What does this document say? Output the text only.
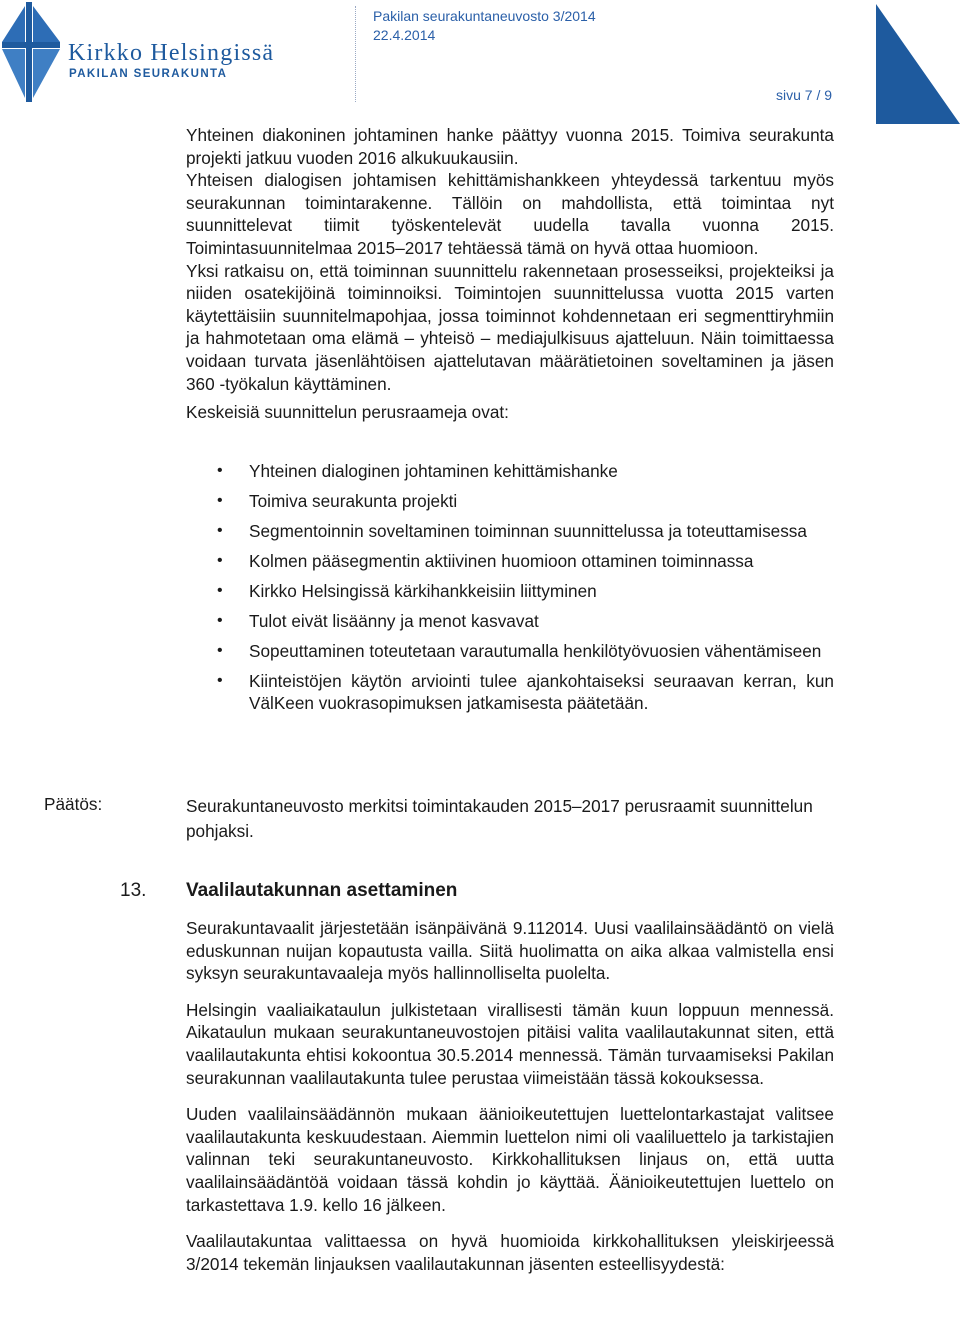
Kirkko Helsingissä
PAKILAN SEURAKUNTA
Pakilan seurakuntaneuvosto 3/2014
22.4.2014
sivu 7 / 9

Yhteinen diakoninen johtaminen hanke päättyy vuonna 2015. Toimiva seurakunta projekti jatkuu vuoden 2016 alkukuukausiin.

Yhteisen dialogisen johtamisen kehittämishankkeen yhteydessä tarkentuu myös seurakunnan toimintarakenne. Tällöin on mahdollista, että toimintaa nyt suunnittelevat tiimit työskentelevät uudella tavalla vuonna 2015. Toimintasuunnitelmaa 2015–2017 tehtäessä tämä on hyvä ottaa huomioon.

Yksi ratkaisu on, että toiminnan suunnittelu rakennetaan prosesseiksi, projekteiksi ja niiden osatekijöinä toiminnoiksi. Toimintojen suunnittelussa vuotta 2015 varten käytettäisiin suunnitelmapohjaa, jossa toiminnot kohdennetaan eri segmenttiryhmiin ja hahmotetaan oma elämä – yhteisö – mediajulkisuus ajatteluun. Näin toimittaessa voidaan turvata jäsenlähtöisen ajattelutavan määrätietoinen soveltaminen ja jäsen 360 -työkalun käyttäminen.

Keskeisiä suunnittelun perusraameja ovat:

• Yhteinen dialoginen johtaminen kehittämishanke
• Toimiva seurakunta projekti
• Segmentoinnin soveltaminen toiminnan suunnittelussa ja toteuttamisessa
• Kolmen pääsegmentin aktiivinen huomioon ottaminen toiminnassa
• Kirkko Helsingissä kärkihankkeisiin liittyminen
• Tulot eivät lisäänny ja menot kasvavat
• Sopeuttaminen toteutetaan varautumalla henkilötyövuosien vähentämiseen
• Kiinteistöjen käytön arviointi tulee ajankohtaiseksi seuraavan kerran, kun VälKeen vuokrasopimuksen jatkamisesta päätetään.
Päätös:	Seurakuntaneuvosto merkitsi toimintakauden 2015–2017 perusraamit suunnittelun pohjaksi.
13. Vaalilautakunnan asettaminen

Seurakuntavaalit järjestetään isänpäivänä 9.112014. Uusi vaalilainsäädäntö on vielä eduskunnan nuijan kopautusta vailla. Siitä huolimatta on aika alkaa valmistella ensi syksyn seurakuntavaaleja myös hallinnolliselta puolelta.

Helsingin vaaliaikataulun julkistetaan virallisesti tämän kuun loppuun mennessä. Aikataulun mukaan seurakuntaneuvostojen pitäisi valita vaalilautakunnat siten, että vaalilautakunta ehtisi kokoontua 30.5.2014 mennessä. Tämän turvaamiseksi Pakilan seurakunnan vaalilautakunta tulee perustaa viimeistään tässä kokouksessa.

Uuden vaalilainsäädännön mukaan äänioikeutettujen luettelontarkastajat valitsee vaalilautakunta keskuudestaan. Aiemmin luettelon nimi oli vaaliluettelo ja tarkistajien valinnan teki seurakuntaneuvosto. Kirkkohallituksen linjaus on, että uutta vaalilainsäädäntöä voidaan tässä kohdin jo käyttää. Äänioikeutettujen luettelo on tarkastettava 1.9. kello 16 jälkeen.

Vaalilautakuntaa valittaessa on hyvä huomioida kirkkohallituksen yleiskirjeessä 3/2014 tekemän linjauksen vaalilautakunnan jäsenten esteellisyydestä:
